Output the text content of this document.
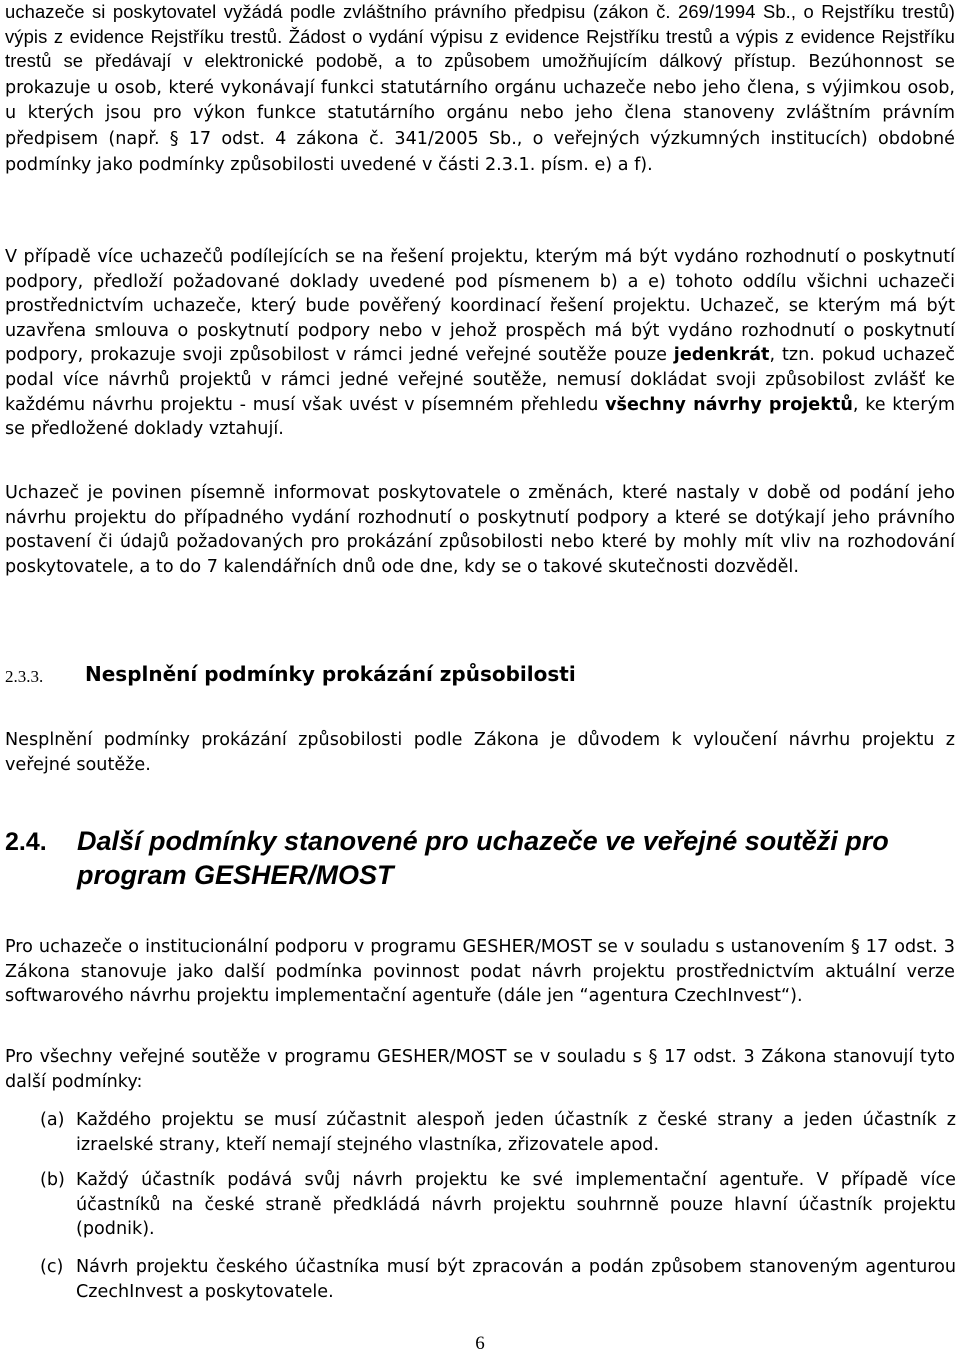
uchazeče si poskytovatel vyžádá podle zvláštního právního předpisu (zákon č. 269/1994 Sb., o Rejstříku trestů) výpis z evidence Rejstříku trestů. Žádost o vydání výpisu z evidence Rejstříku trestů a výpis z evidence Rejstříku trestů se předávají v elektronické podobě, a to způsobem umožňujícím dálkový přístup. Bezúhonnost se prokazuje u osob, které vykonávají funkci statutárního orgánu uchazeče nebo jeho člena, s výjimkou osob, u kterých jsou pro výkon funkce statutárního orgánu nebo jeho člena stanoveny zvláštním právním předpisem (např. § 17 odst. 4 zákona č. 341/2005 Sb., o veřejných výzkumných institucích) obdobné podmínky jako podmínky způsobilosti uvedené v části 2.3.1. písm. e) a f).

V případě více uchazečů podílejících se na řešení projektu, kterým má být vydáno rozhodnutí o poskytnutí podpory, předloží požadované doklady uvedené pod písmenem b) a e) tohoto oddílu všichni uchazeči prostřednictvím uchazeče, který bude pověřený koordinací řešení projektu. Uchazeč, se kterým má být uzavřena smlouva o poskytnutí podpory nebo v jehož prospěch má být vydáno rozhodnutí o poskytnutí podpory, prokazuje svoji způsobilost v rámci jedné veřejné soutěže pouze jedenkrát, tzn. pokud uchazeč podal více návrhů projektů v rámci jedné veřejné soutěže, nemusí dokládat svoji způsobilost zvlášť ke každému návrhu projektu - musí však uvést v písemném přehledu všechny návrhy projektů, ke kterým se předložené doklady vztahují.

Uchazeč je povinen písemně informovat poskytovatele o změnách, které nastaly v době od podání jeho návrhu projektu do případného vydání rozhodnutí o poskytnutí podpory a které se dotýkají jeho právního postavení či údajů požadovaných pro prokázání způsobilosti nebo které by mohly mít vliv na rozhodování poskytovatele, a to do 7 kalendářních dnů ode dne, kdy se o takové skutečnosti dozvěděl.

2.3.3. Nesplnění podmínky prokázání způsobilosti

Nesplnění podmínky prokázání způsobilosti podle Zákona je důvodem k vyloučení návrhu projektu z veřejné soutěže.

2.4. Další podmínky stanovené pro uchazeče ve veřejné soutěži pro program GESHER/MOST

Pro uchazeče o institucionální podporu v programu GESHER/MOST se v souladu s ustanovením § 17 odst. 3 Zákona stanovuje jako další podmínka povinnost podat návrh projektu prostřednictvím aktuální verze softwarového návrhu projektu implementační agentuře (dále jen “agentura CzechInvest“).

Pro všechny veřejné soutěže v programu GESHER/MOST se v souladu s § 17 odst. 3 Zákona stanovují tyto další podmínky:

(a) Každého projektu se musí zúčastnit alespoň jeden účastník z české strany a jeden účastník z izraelské strany, kteří nemají stejného vlastníka, zřizovatele apod.
(b) Každý účastník podává svůj návrh projektu ke své implementační agentuře. V případě více účastníků na české straně předkládá návrh projektu souhrnně pouze hlavní účastník projektu (podnik).
(c) Návrh projektu českého účastníka musí být zpracován a podán způsobem stanoveným agenturou CzechInvest a poskytovatele.
6
